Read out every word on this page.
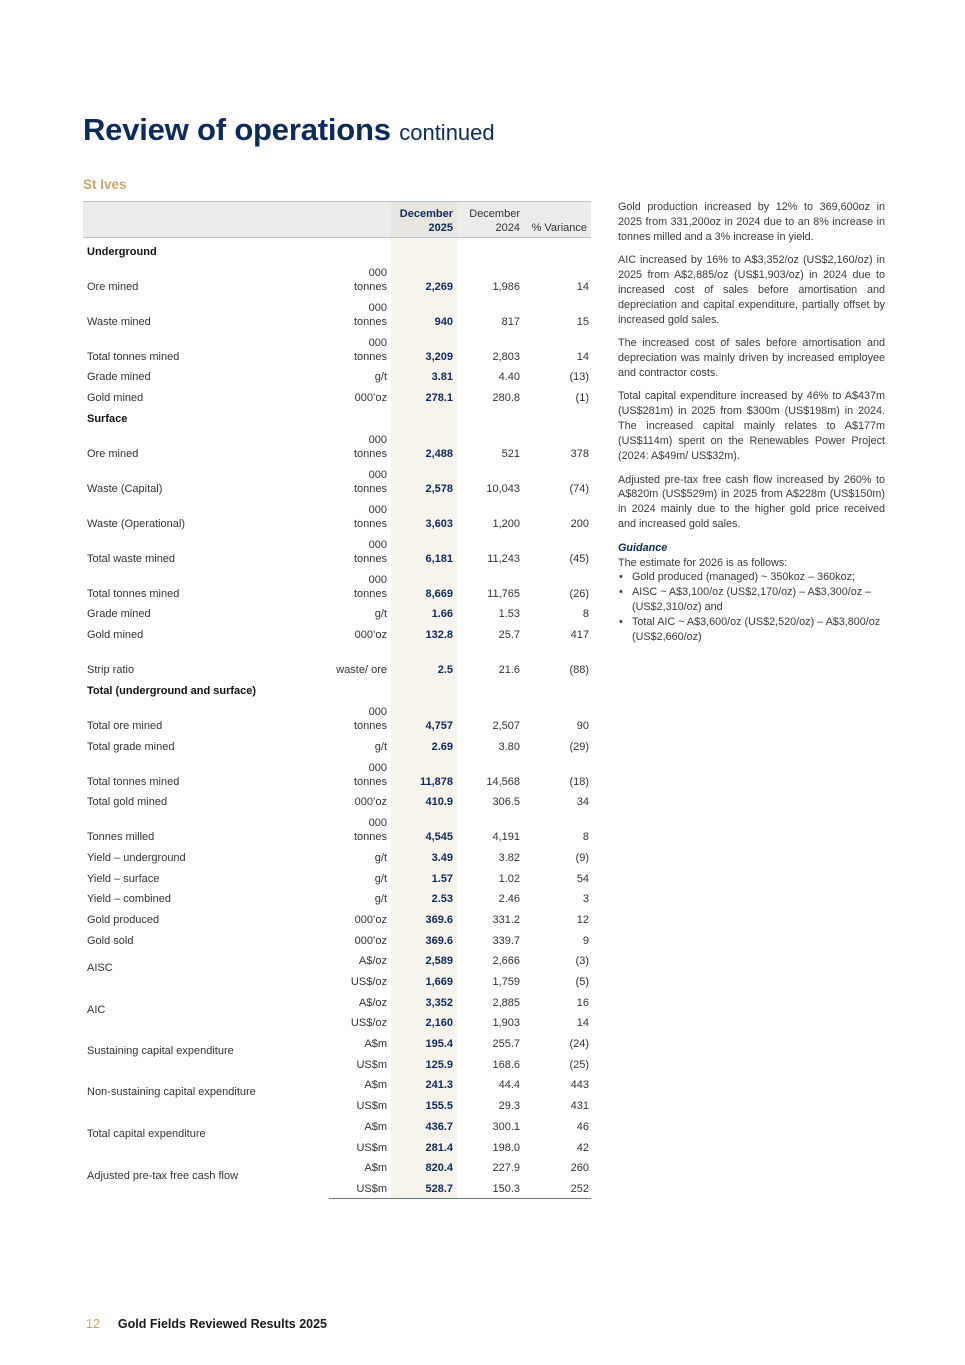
Review of operations continued
St Ives
		December 2025	December 2024	% Variance
Underground				
Ore mined	000 tonnes	2,269	1,986	14
Waste mined	000 tonnes	940	817	15
Total tonnes mined	000 tonnes	3,209	2,803	14
Grade mined	g/t	3.81	4.40	(13)
Gold mined	000’oz	278.1	280.8	(1)
Surface				
Ore mined	000 tonnes	2,488	521	378
Waste (Capital)	000 tonnes	2,578	10,043	(74)
Waste (Operational)	000 tonnes	3,603	1,200	200
Total waste mined	000 tonnes	6,181	11,243	(45)
Total tonnes mined	000 tonnes	8,669	11,765	(26)
Grade mined	g/t	1.66	1.53	8
Gold mined	000’oz	132.8	25.7	417
Strip ratio	waste/ ore	2.5	21.6	(88)
Total (underground and surface)				
Total ore mined	000 tonnes	4,757	2,507	90
Total grade mined	g/t	2.69	3.80	(29)
Total tonnes mined	000 tonnes	11,878	14,568	(18)
Total gold mined	000’oz	410.9	306.5	34
Tonnes milled	000 tonnes	4,545	4,191	8
Yield – underground	g/t	3.49	3.82	(9)
Yield – surface	g/t	1.57	1.02	54
Yield – combined	g/t	2.53	2.46	3
Gold produced	000’oz	369.6	331.2	12
Gold sold	000’oz	369.6	339.7	9
AISC	A$/oz	2,589	2,666	(3)
	US$/oz	1,669	1,759	(5)
AIC	A$/oz	3,352	2,885	16
	US$/oz	2,160	1,903	14
Sustaining capital expenditure	A$m	195.4	255.7	(24)
	US$m	125.9	168.6	(25)
Non-sustaining capital expenditure	A$m	241.3	44.4	443
	US$m	155.5	29.3	431
Total capital expenditure	A$m	436.7	300.1	46
	US$m	281.4	198.0	42
Adjusted pre-tax free cash flow	A$m	820.4	227.9	260
	US$m	528.7	150.3	252

Gold production increased by 12% to 369,600oz in 2025 from 331,200oz in 2024 due to an 8% increase in tonnes milled and a 3% increase in yield.

AIC increased by 16% to A$3,352/oz (US$2,160/oz) in 2025 from A$2,885/oz (US$1,903/oz) in 2024 due to increased cost of sales before amortisation and depreciation and capital expenditure, partially offset by increased gold sales.

The increased cost of sales before amortisation and depreciation was mainly driven by increased employee and contractor costs.

Total capital expenditure increased by 46% to A$437m (US$281m) in 2025 from $300m (US$198m) in 2024. The increased capital mainly relates to A$177m (US$114m) spent on the Renewables Power Project (2024: A$49m/ US$32m).

Adjusted pre-tax free cash flow increased by 260% to A$820m (US$529m) in 2025 from A$228m (US$150m) in 2024 mainly due to the higher gold price received and increased gold sales.

Guidance
The estimate for 2026 is as follows:
• Gold produced (managed) ~ 350koz – 360koz;
• AISC ~ A$3,100/oz (US$2,170/oz) – A$3,300/oz – (US$2,310/oz) and
• Total AIC ~ A$3,600/oz (US$2,520/oz) – A$3,800/oz (US$2,660/oz)
12 Gold Fields Reviewed Results 2025
